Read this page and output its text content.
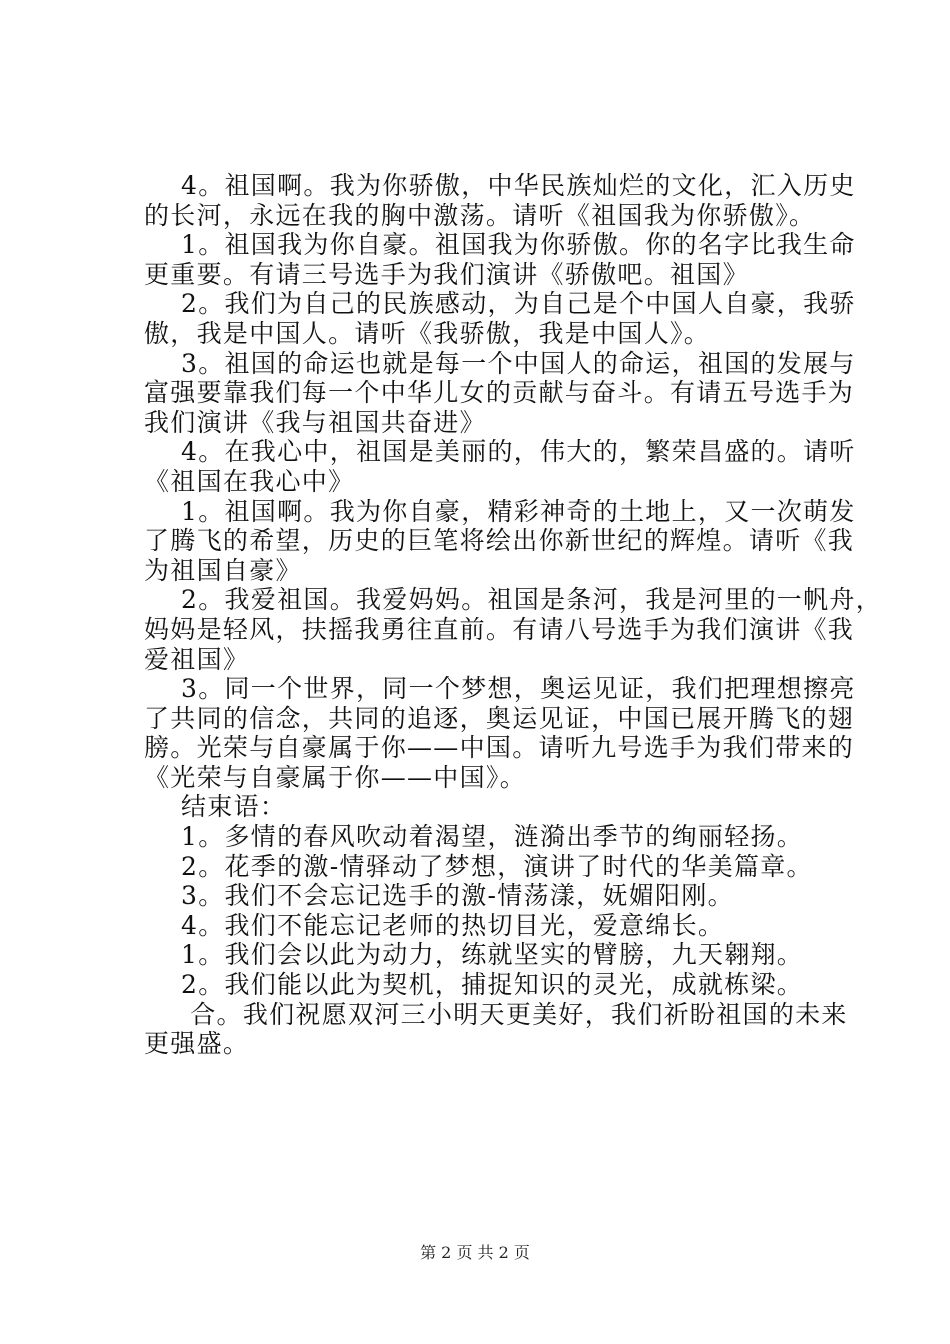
4。祖国啊。我为你骄傲，中华民族灿烂的文化，汇入历史
的长河，永远在我的胸中激荡。请听《祖国我为你骄傲》。
1。祖国我为你自豪。祖国我为你骄傲。你的名字比我生命
更重要。有请三号选手为我们演讲《骄傲吧。祖国》
2。我们为自己的民族感动，为自己是个中国人自豪，我骄
傲，我是中国人。请听《我骄傲，我是中国人》。
3。祖国的命运也就是每一个中国人的命运，祖国的发展与
富强要靠我们每一个中华儿女的贡献与奋斗。有请五号选手为
我们演讲《我与祖国共奋进》
4。在我心中，祖国是美丽的，伟大的，繁荣昌盛的。请听
《祖国在我心中》
1。祖国啊。我为你自豪，精彩神奇的土地上，又一次萌发
了腾飞的希望，历史的巨笔将绘出你新世纪的辉煌。请听《我
为祖国自豪》
2。我爱祖国。我爱妈妈。祖国是条河，我是河里的一帆舟，
妈妈是轻风，扶摇我勇往直前。有请八号选手为我们演讲《我
爱祖国》
3。同一个世界，同一个梦想，奥运见证，我们把理想擦亮
了共同的信念，共同的追逐，奥运见证，中国已展开腾飞的翅
膀。光荣与自豪属于你——中国。请听九号选手为我们带来的
《光荣与自豪属于你——中国》。
结束语：
1。多情的春风吹动着渴望，涟漪出季节的绚丽轻扬。
2。花季的激-情驿动了梦想，演讲了时代的华美篇章。
3。我们不会忘记选手的激-情荡漾，妩媚阳刚。
4。我们不能忘记老师的热切目光，爱意绵长。
1。我们会以此为动力，练就坚实的臂膀，九天翱翔。
2。我们能以此为契机，捕捉知识的灵光，成就栋梁。
合。我们祝愿双河三小明天更美好，我们祈盼祖国的未来
更强盛。
第 2 页 共 2 页
